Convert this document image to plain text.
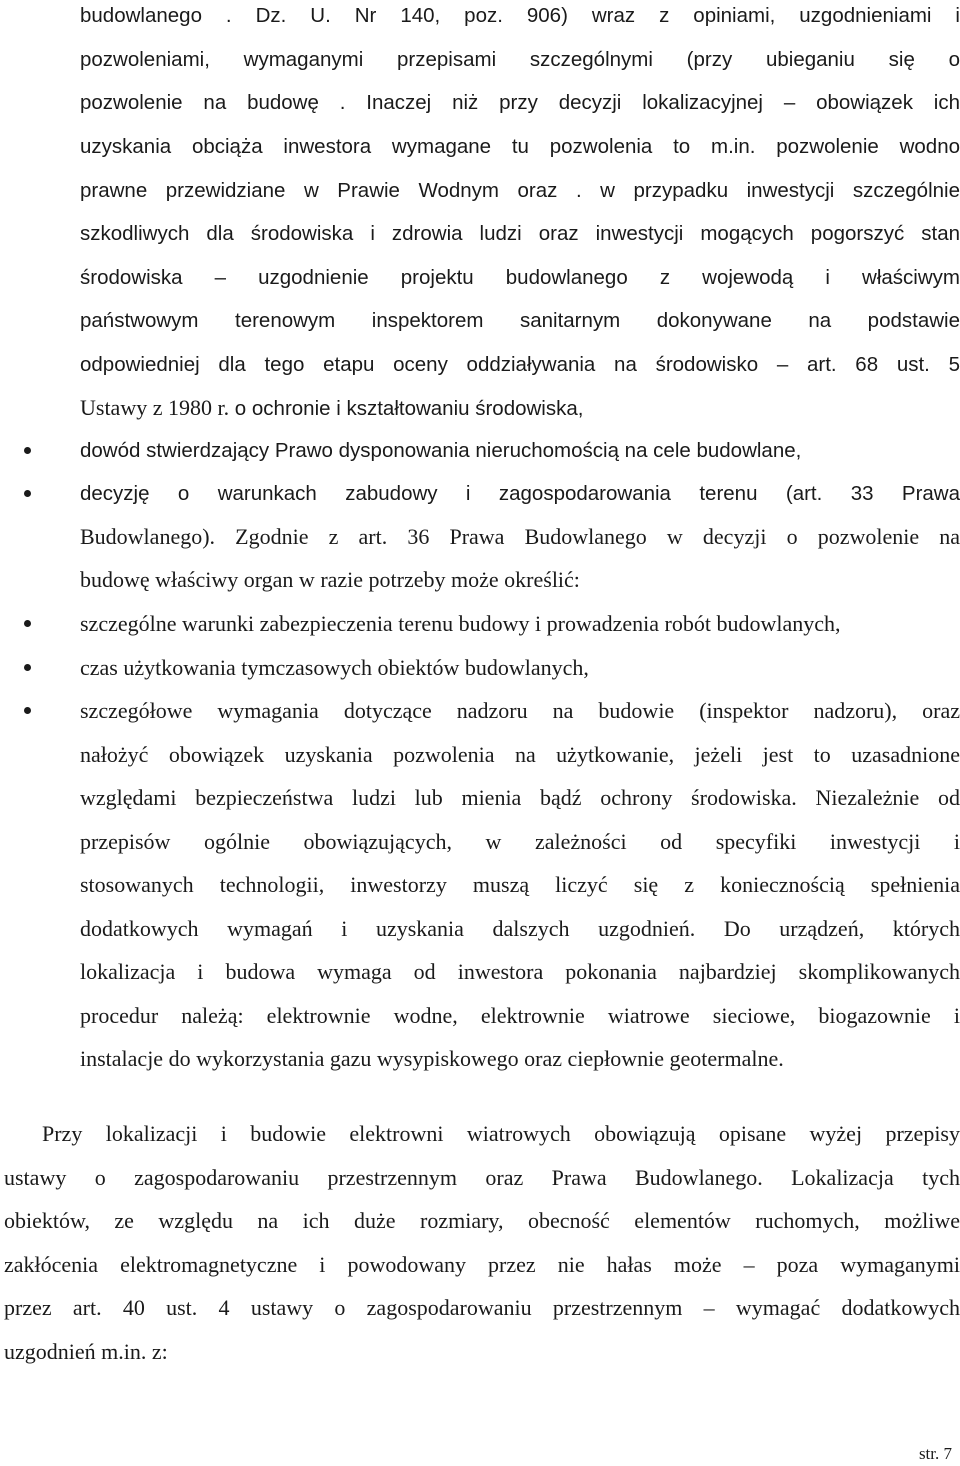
budowlanego . Dz. U. Nr 140, poz. 906) wraz z opiniami, uzgodnieniami i
pozwoleniami, wymaganymi przepisami szczególnymi (przy ubieganiu się o
pozwolenie na budowę . Inaczej niż przy decyzji lokalizacyjnej – obowiązek ich
uzyskania obciąża inwestora wymagane tu pozwolenia to m.in. pozwolenie wodno
prawne przewidziane w Prawie Wodnym oraz . w przypadku inwestycji szczególnie
szkodliwych dla środowiska i zdrowia ludzi oraz inwestycji mogących pogorszyć stan
środowiska – uzgodnienie projektu budowlanego z wojewodą i właściwym
państwowym terenowym inspektorem sanitarnym dokonywane na podstawie
odpowiedniej dla tego etapu oceny oddziaływania na środowisko – art. 68 ust. 5
Ustawy z 1980 r. o ochronie i kształtowaniu środowiska,
dowód stwierdzający Prawo dysponowania nieruchomością na cele budowlane,
decyzję o warunkach zabudowy i zagospodarowania terenu (art. 33 Prawa
Budowlanego). Zgodnie z art. 36 Prawa Budowlanego w decyzji o pozwolenie na
budowę właściwy organ w razie potrzeby może określić:
szczególne warunki zabezpieczenia terenu budowy i prowadzenia robót budowlanych,
czas użytkowania tymczasowych obiektów budowlanych,
szczegółowe wymagania dotyczące nadzoru na budowie (inspektor nadzoru), oraz
nałożyć obowiązek uzyskania pozwolenia na użytkowanie, jeżeli jest to uzasadnione
względami bezpieczeństwa ludzi lub mienia bądź ochrony środowiska. Niezależnie od
przepisów ogólnie obowiązujących, w zależności od specyfiki inwestycji i
stosowanych technologii, inwestorzy muszą liczyć się z koniecznością spełnienia
dodatkowych wymagań i uzyskania dalszych uzgodnień. Do urządzeń, których
lokalizacja i budowa wymaga od inwestora pokonania najbardziej skomplikowanych
procedur należą: elektrownie wodne, elektrownie wiatrowe sieciowe, biogazownie i
instalacje do wykorzystania gazu wysypiskowego oraz ciepłownie geotermalne.
Przy lokalizacji i budowie elektrowni wiatrowych obowiązują opisane wyżej przepisy
ustawy o zagospodarowaniu przestrzennym oraz Prawa Budowlanego. Lokalizacja tych
obiektów, ze względu na ich duże rozmiary, obecność elementów ruchomych, możliwe
zakłócenia elektromagnetyczne i powodowany przez nie hałas może – poza wymaganymi
przez art. 40 ust. 4 ustawy o zagospodarowaniu przestrzennym – wymagać dodatkowych
uzgodnień m.in. z:
str. 7
